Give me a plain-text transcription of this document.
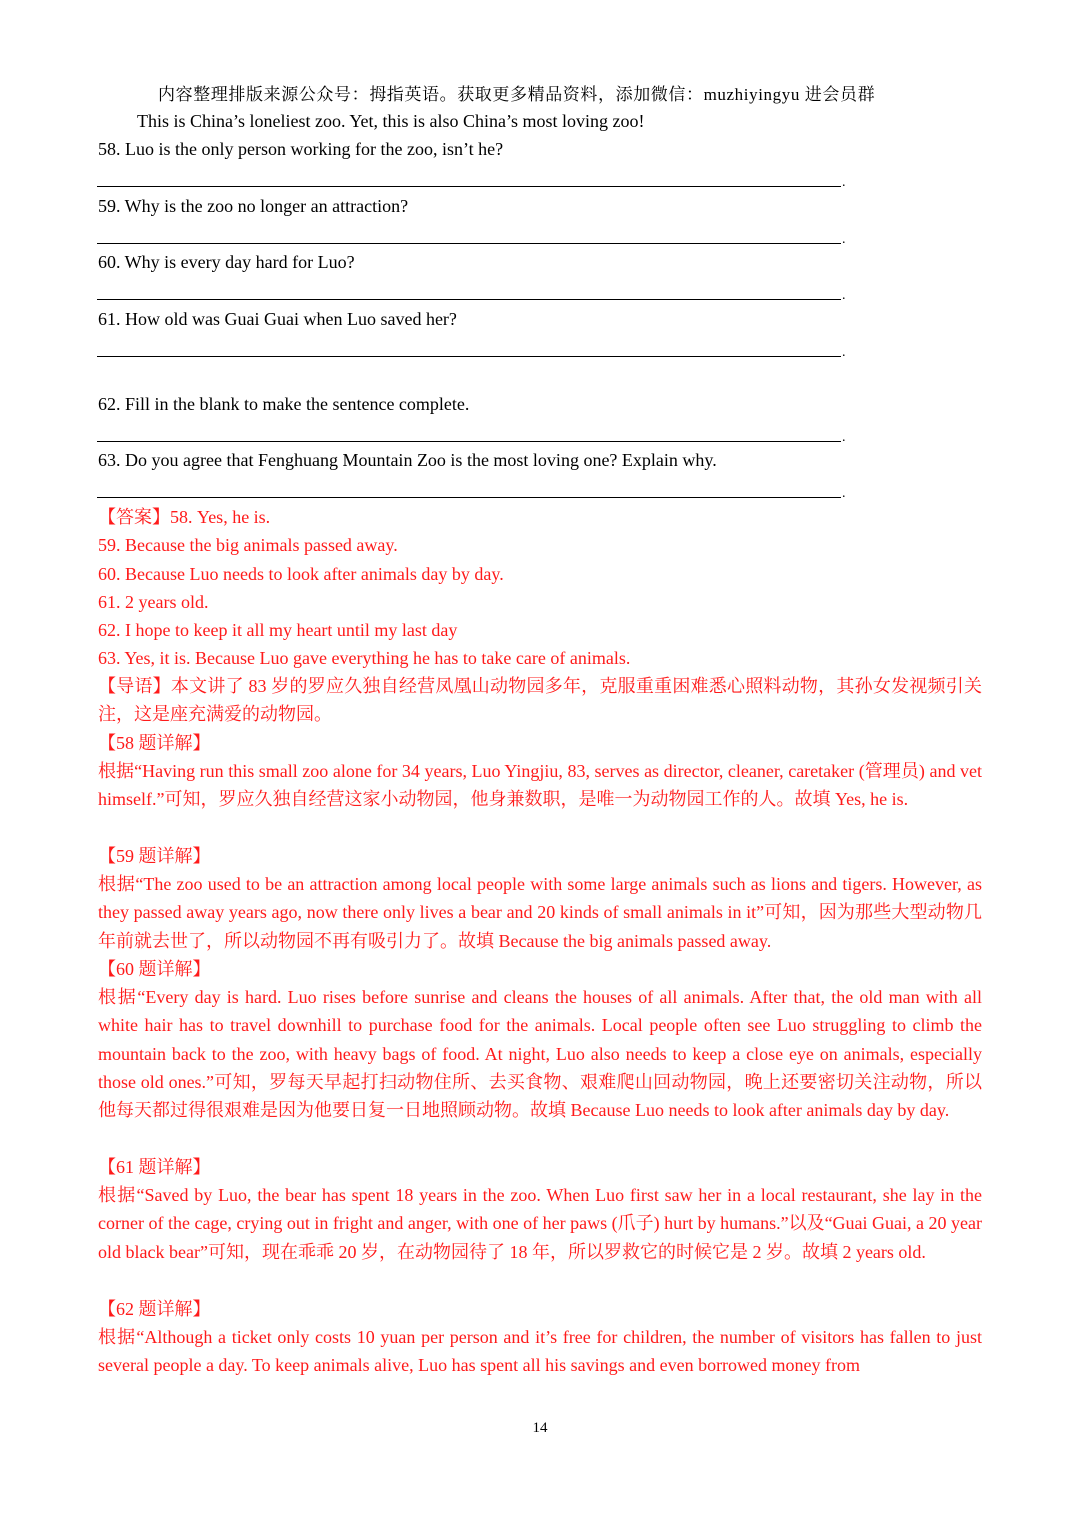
内容整理排版来源公众号：拇指英语。获取更多精品资料，添加微信：muzhiyingyu 进会员群
This is China’s loneliest zoo. Yet, this is also China’s most loving zoo!
58. Luo is the only person working for the zoo, isn’t he?
.
59. Why is the zoo no longer an attraction?
.
60. Why is every day hard for Luo?
.
61. How old was Guai Guai when Luo saved her?
.
62. Fill in the blank to make the sentence complete.
.
63. Do you agree that Fenghuang Mountain Zoo is the most loving one? Explain why.
.
【答案】58. Yes, he is.
59. Because the big animals passed away.
60. Because Luo needs to look after animals day by day.
61. 2 years old.
62. I hope to keep it all my heart until my last day
63. Yes, it is. Because Luo gave everything he has to take care of animals.
【导语】本文讲了 83 岁的罗应久独自经营凤凰山动物园多年，克服重重困难悉心照料动物，其孙女发视频引关注，这是座充满爱的动物园。
【58 题详解】
根据“Having run this small zoo alone for 34 years, Luo Yingjiu, 83, serves as director, cleaner, caretaker (管理员) and vet himself.”可知，罗应久独自经营这家小动物园，他身兼数职，是唯一为动物园工作的人。故填 Yes, he is.
【59 题详解】
根据“The zoo used to be an attraction among local people with some large animals such as lions and tigers. However, as they passed away years ago, now there only lives a bear and 20 kinds of small animals in it”可知，因为那些大型动物几年前就去世了，所以动物园不再有吸引力了。故填 Because the big animals passed away.
【60 题详解】
根据“Every day is hard. Luo rises before sunrise and cleans the houses of all animals. After that, the old man with all white hair has to travel downhill to purchase food for the animals. Local people often see Luo struggling to climb the mountain back to the zoo, with heavy bags of food. At night, Luo also needs to keep a close eye on animals, especially those old ones.”可知，罗每天早起打扫动物住所、去买食物、艰难爬山回动物园，晚上还要密切关注动物，所以他每天都过得很艰难是因为他要日复一日地照顾动物。故填 Because Luo needs to look after animals day by day.
【61 题详解】
根据“Saved by Luo, the bear has spent 18 years in the zoo. When Luo first saw her in a local restaurant, she lay in the corner of the cage, crying out in fright and anger, with one of her paws (爪子) hurt by humans.”以及“Guai Guai, a 20 year old black bear”可知，现在乖乖 20 岁，在动物园待了 18 年，所以罗救它的时候它是 2 岁。故填 2 years old.
【62 题详解】
根据“Although a ticket only costs 10 yuan per person and it’s free for children, the number of visitors has fallen to just several people a day. To keep animals alive, Luo has spent all his savings and even borrowed money from
14
